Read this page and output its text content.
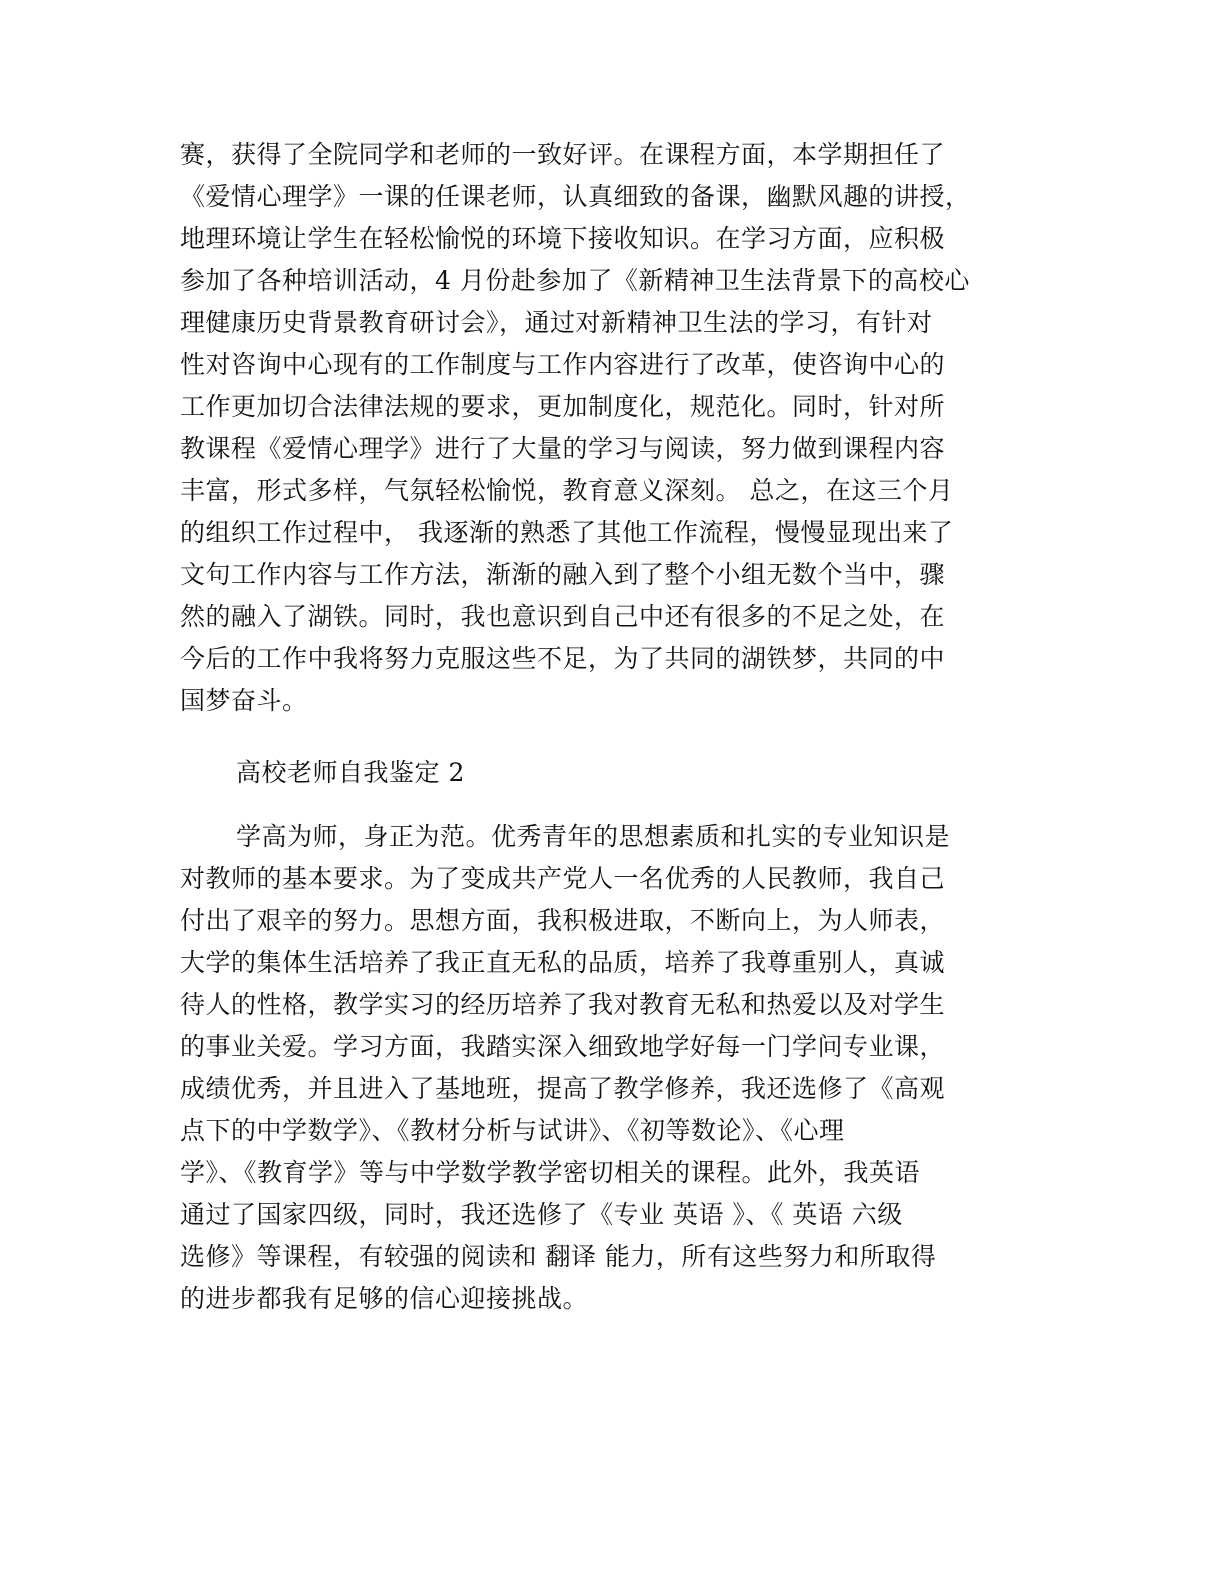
赛，获得了全院同学和老师的一致好评。在课程方面，本学期担任了
《爱情心理学》一课的任课老师，认真细致的备课，幽默风趣的讲授，
地理环境让学生在轻松愉悦的环境下接收知识。在学习方面，应积极
参加了各种培训活动，4 月份赴参加了《新精神卫生法背景下的高校心
理健康历史背景教育研讨会》，通过对新精神卫生法的学习，有针对
性对咨询中心现有的工作制度与工作内容进行了改革，使咨询中心的
工作更加切合法律法规的要求，更加制度化，规范化。同时，针对所
教课程《爱情心理学》进行了大量的学习与阅读，努力做到课程内容
丰富，形式多样，气氛轻松愉悦，教育意义深刻。 总之，在这三个月
的组织工作过程中， 我逐渐的熟悉了其他工作流程，慢慢显现出来了
文句工作内容与工作方法，渐渐的融入到了整个小组无数个当中，骤
然的融入了湖铁。同时，我也意识到自己中还有很多的不足之处，在
今后的工作中我将努力克服这些不足，为了共同的湖铁梦，共同的中
国梦奋斗。
高校老师自我鉴定 2
学高为师，身正为范。优秀青年的思想素质和扎实的专业知识是
对教师的基本要求。为了变成共产党人一名优秀的人民教师，我自己
付出了艰辛的努力。思想方面，我积极进取，不断向上，为人师表，
大学的集体生活培养了我正直无私的品质，培养了我尊重别人，真诚
待人的性格，教学实习的经历培养了我对教育无私和热爱以及对学生
的事业关爱。学习方面，我踏实深入细致地学好每一门学问专业课，
成绩优秀，并且进入了基地班，提高了教学修养，我还选修了《高观
点下的中学数学》、《教材分析与试讲》、《初等数论》、《心理
学》、《教育学》等与中学数学教学密切相关的课程。此外，我英语
通过了国家四级，同时，我还选修了《专业 英语 》、《 英语 六级
选修》等课程，有较强的阅读和 翻译 能力，所有这些努力和所取得
的进步都我有足够的信心迎接挑战。
